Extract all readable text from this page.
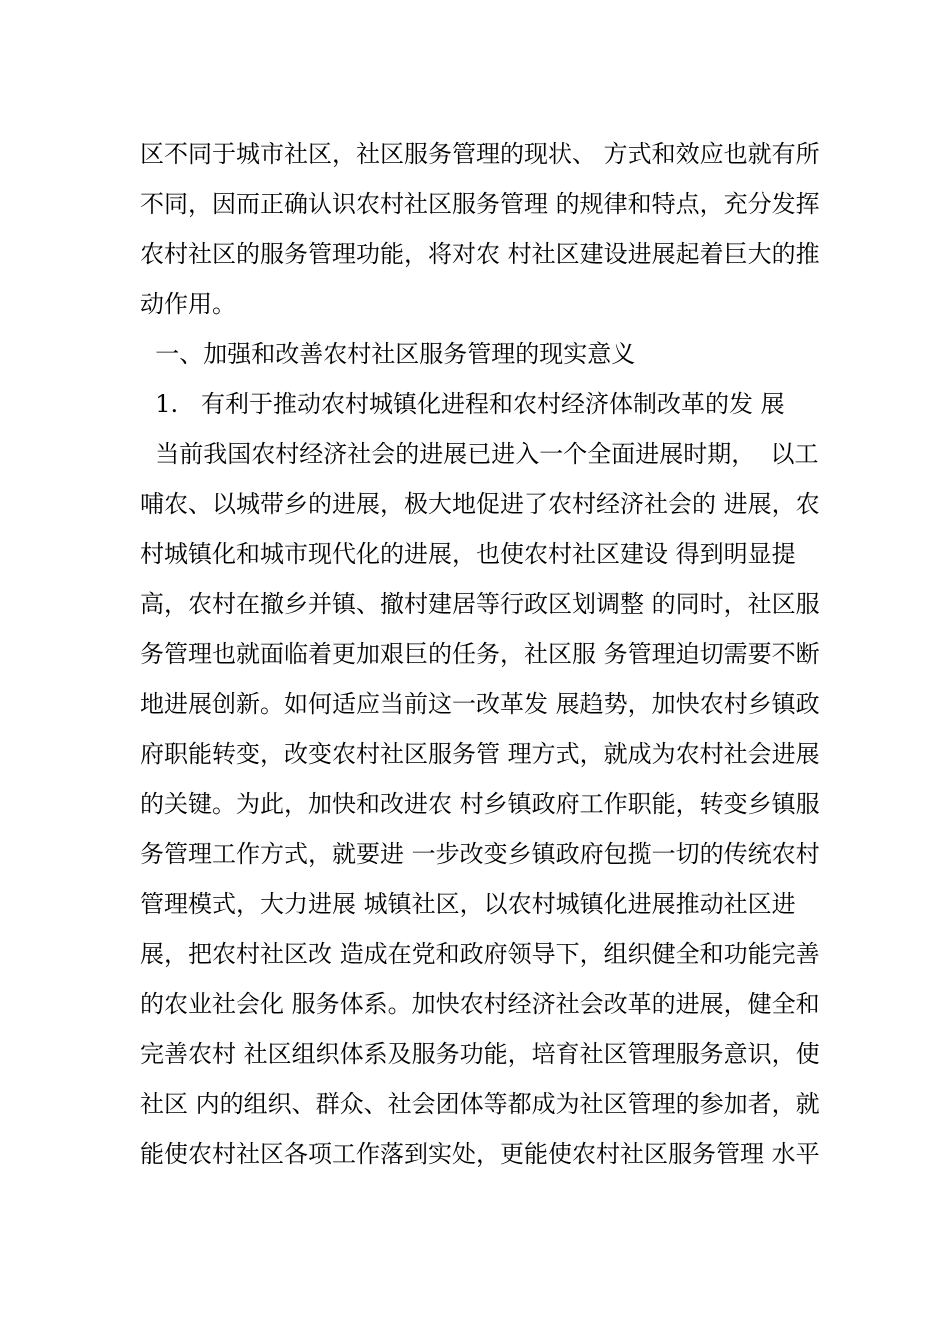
区不同于城市社区，社区服务管理的现状、 方式和效应也就有所
不同，因而正确认识农村社区服务管理 的规律和特点，充分发挥
农村社区的服务管理功能，将对农 村社区建设进展起着巨大的推
动作用。
一、加强和改善农村社区服务管理的现实意义
1.   有利于推动农村城镇化进程和农村经济体制改革的发 展
当前我国农村经济社会的进展已进入一个全面进展时期，  以工
哺农、以城带乡的进展，极大地促进了农村经济社会的 进展，农
村城镇化和城市现代化的进展，也使农村社区建设 得到明显提
高，农村在撤乡并镇、撤村建居等行政区划调整 的同时，社区服
务管理也就面临着更加艰巨的任务，社区服 务管理迫切需要不断
地进展创新。如何适应当前这一改革发 展趋势，加快农村乡镇政
府职能转变，改变农村社区服务管 理方式，就成为农村社会进展
的关键。为此，加快和改进农 村乡镇政府工作职能，转变乡镇服
务管理工作方式，就要进 一步改变乡镇政府包揽一切的传统农村
管理模式，大力进展 城镇社区，以农村城镇化进展推动社区进
展，把农村社区改 造成在党和政府领导下，组织健全和功能完善
的农业社会化 服务体系。加快农村经济社会改革的进展，健全和
完善农村 社区组织体系及服务功能，培育社区管理服务意识，使
社区 内的组织、群众、社会团体等都成为社区管理的参加者，就
能使农村社区各项工作落到实处，更能使农村社区服务管理 水平
